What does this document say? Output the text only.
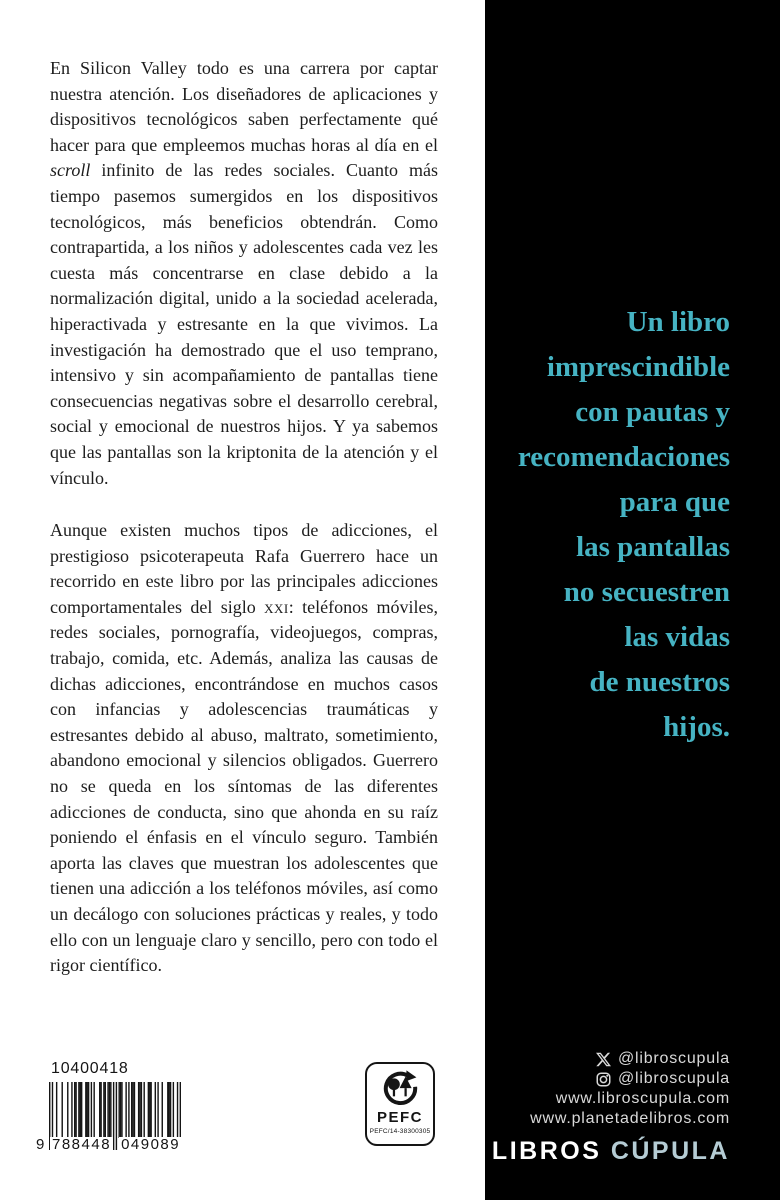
En Silicon Valley todo es una carrera por captar nuestra atención. Los diseñadores de aplicaciones y dispositivos tecnológicos saben perfectamente qué hacer para que empleemos muchas horas al día en el scroll infinito de las redes sociales. Cuanto más tiempo pasemos sumergidos en los dispositivos tecnológicos, más beneficios obtendrán. Como contrapartida, a los niños y adolescentes cada vez les cuesta más concentrarse en clase debido a la normalización digital, unido a la sociedad acelerada, hiperactivada y estresante en la que vivimos. La investigación ha demostrado que el uso temprano, intensivo y sin acompañamiento de pantallas tiene consecuencias negativas sobre el desarrollo cerebral, social y emocional de nuestros hijos. Y ya sabemos que las pantallas son la kriptonita de la atención y el vínculo.

Aunque existen muchos tipos de adicciones, el prestigioso psicoterapeuta Rafa Guerrero hace un recorrido en este libro por las principales adicciones comportamentales del siglo xxi: teléfonos móviles, redes sociales, pornografía, videojuegos, compras, trabajo, comida, etc. Además, analiza las causas de dichas adicciones, encontrándose en muchos casos con infancias y adolescencias traumáticas y estresantes debido al abuso, maltrato, sometimiento, abandono emocional y silencios obligados. Guerrero no se queda en los síntomas de las diferentes adicciones de conducta, sino que ahonda en su raíz poniendo el énfasis en el vínculo seguro. También aporta las claves que muestran los adolescentes que tienen una adicción a los teléfonos móviles, así como un decálogo con soluciones prácticas y reales, y todo ello con un lenguaje claro y sencillo, pero con todo el rigor científico.

Un libro
imprescindible
con pautas y
recomendaciones
para que
las pantallas
no secuestren
las vidas
de nuestros
hijos.
10400418
9 788448 049089
PEFC
PEFC/14-38300305
@libroscupula
@libroscupula
www.libroscupula.com
www.planetadelibros.com
LIBROS CÚPULA
